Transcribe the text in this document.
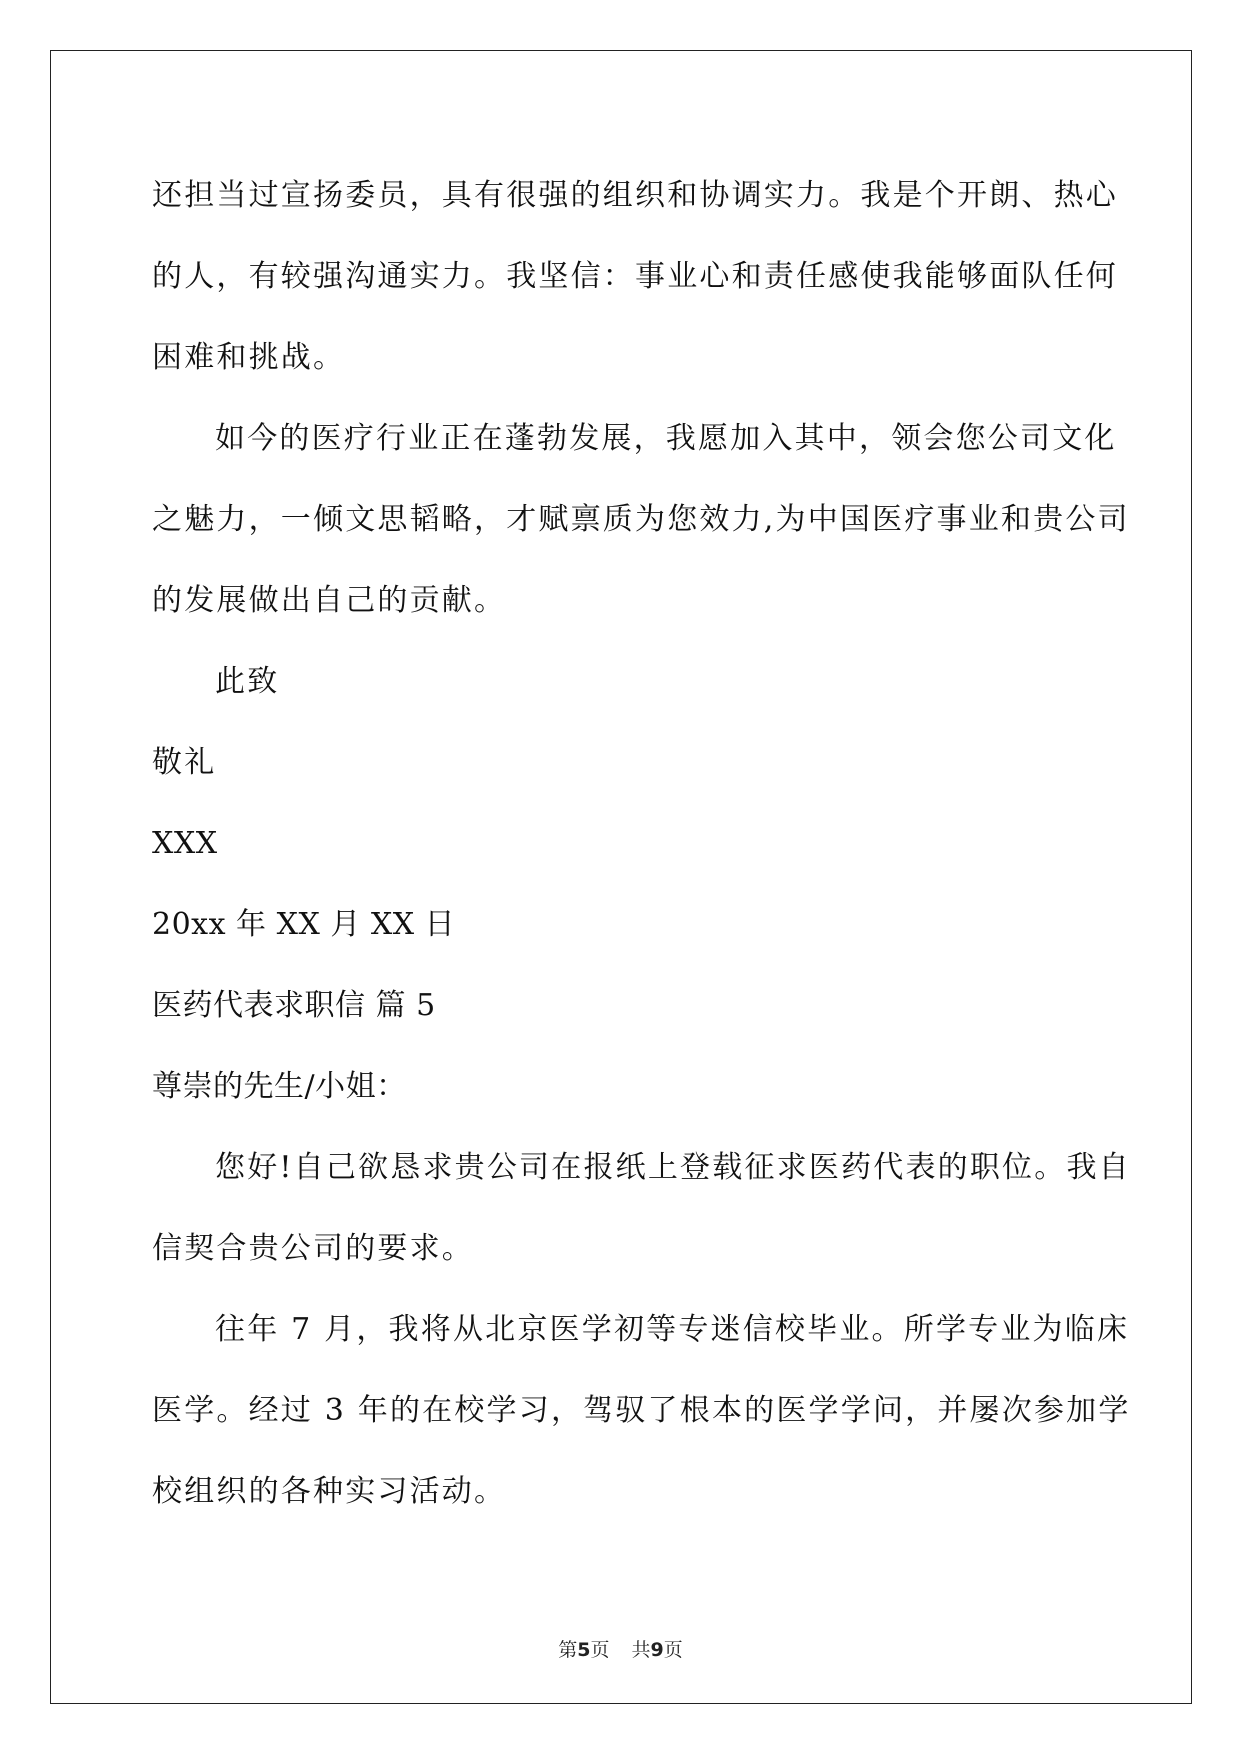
还担当过宣扬委员，具有很强的组织和协调实力。我是个开朗、热心
的人，有较强沟通实力。我坚信：事业心和责任感使我能够面队任何
困难和挑战。
如今的医疗行业正在蓬勃发展，我愿加入其中，领会您公司文化
之魅力，一倾文思韬略，才赋禀质为您效力,为中国医疗事业和贵公司
的发展做出自己的贡献。
此致
敬礼
XXX
20xx 年 XX 月 XX 日
医药代表求职信 篇 5
尊崇的先生/小姐：
您好!自己欲恳求贵公司在报纸上登载征求医药代表的职位。我自
信契合贵公司的要求。
往年 7 月，我将从北京医学初等专迷信校毕业。所学专业为临床
医学。经过 3 年的在校学习，驾驭了根本的医学学问，并屡次参加学
校组织的各种实习活动。
第5页 共9页
